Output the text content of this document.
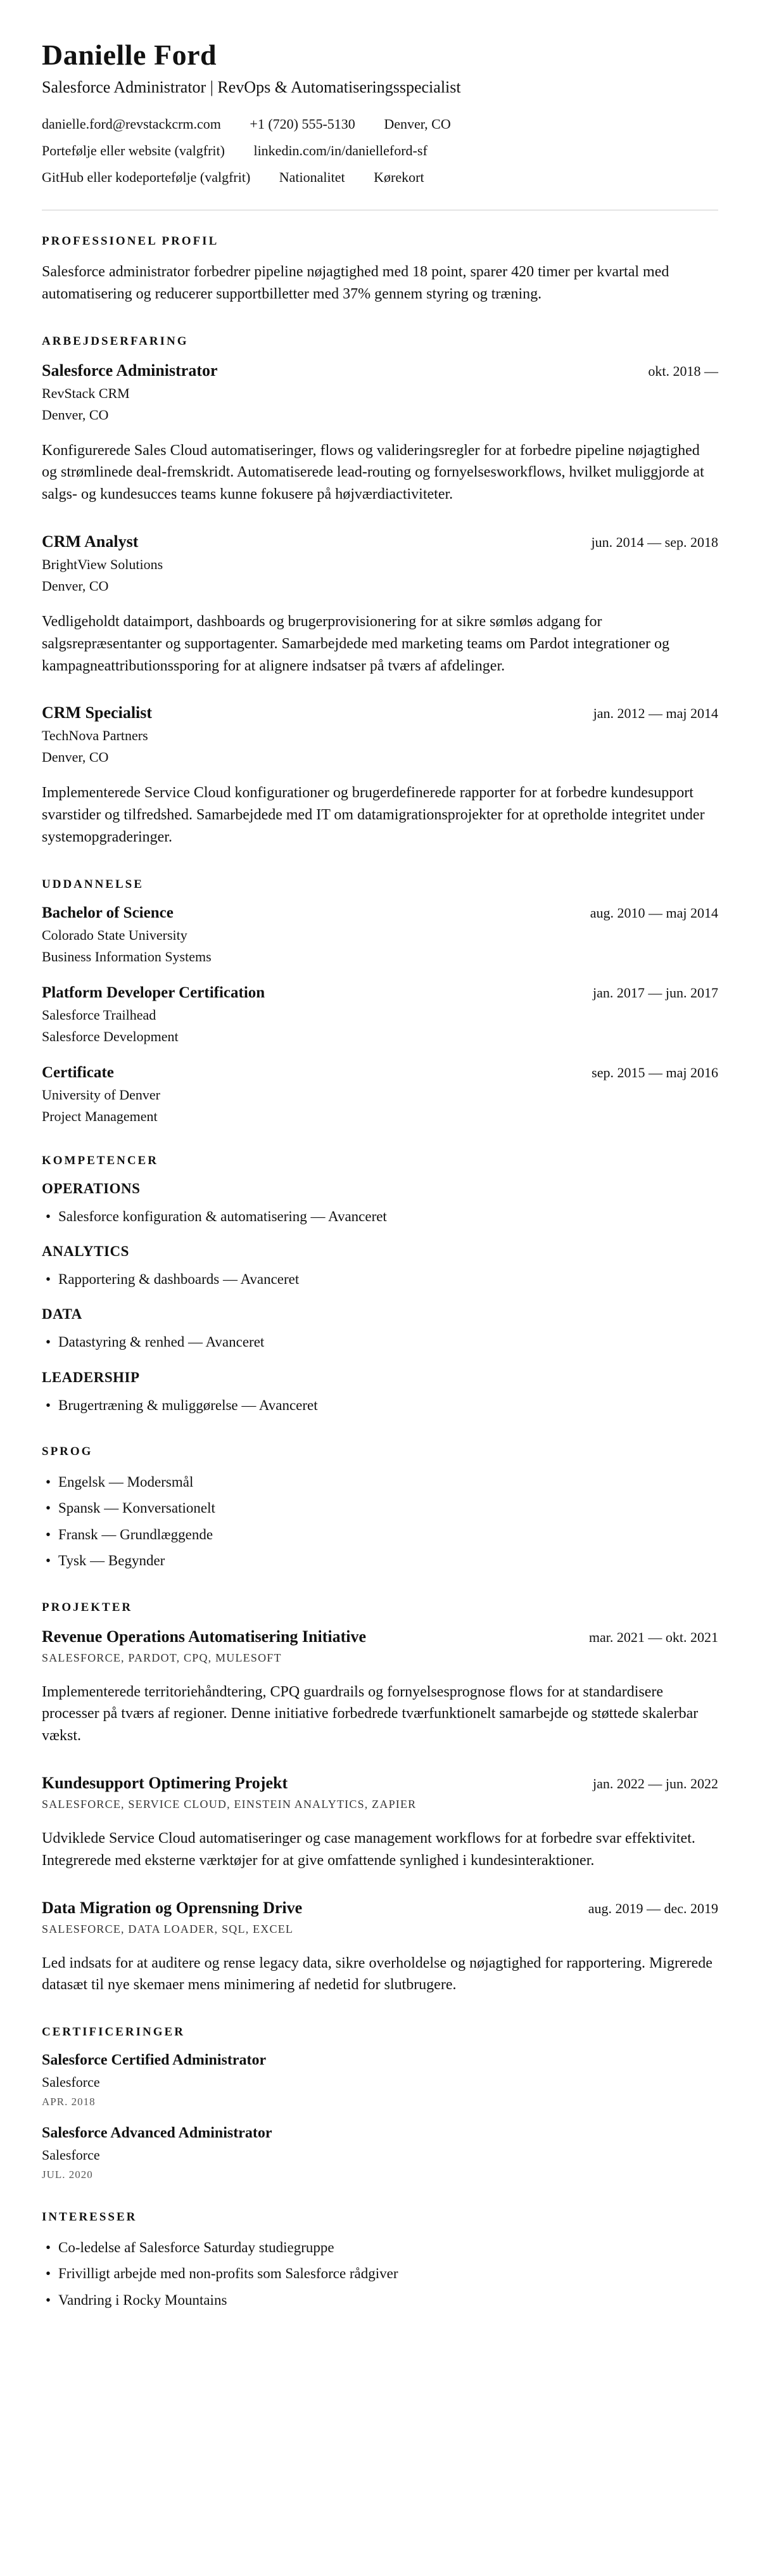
Danielle Ford
Salesforce Administrator | RevOps & Automatiseringsspecialist
danielle.ford@revstackcrm.com +1 (720) 555-5130 Denver, CO
Portefølje eller website (valgfrit) linkedin.com/in/danielleford-sf
GitHub eller kodeportefølje (valgfrit) Nationalitet Kørekort
PROFESSIONEL PROFIL

Salesforce administrator forbedrer pipeline nøjagtighed med 18 point, sparer 420 timer per kvartal med automatisering og reducerer supportbilletter med 37% gennem styring og træning.

ARBEJDSERFARING
Salesforce Administrator	okt. 2018 —
RevStack CRM
Denver, CO

Konfigurerede Sales Cloud automatiseringer, flows og valideringsregler for at forbedre pipeline nøjagtighed og strømlinede deal-fremskridt. Automatiserede lead-routing og fornyelsesworkflows, hvilket muliggjorde at salgs- og kundesucces teams kunne fokusere på højværdiactiviteter.

CRM Analyst	jun. 2014 — sep. 2018
BrightView Solutions
Denver, CO

Vedligeholdt dataimport, dashboards og brugerprovisionering for at sikre sømløs adgang for salgsrepræsentanter og supportagenter. Samarbejdede med marketing teams om Pardot integrationer og kampagneattributionssporing for at alignere indsatser på tværs af afdelinger.

CRM Specialist	jan. 2012 — maj 2014
TechNova Partners
Denver, CO

Implementerede Service Cloud konfigurationer og brugerdefinerede rapporter for at forbedre kundesupport svarstider og tilfredshed. Samarbejdede med IT om datamigrationsprojekter for at opretholde integritet under systemopgraderinger.

UDDANNELSE
Bachelor of Science	aug. 2010 — maj 2014
Colorado State University
Business Information Systems
Platform Developer Certification	jan. 2017 — jun. 2017
Salesforce Trailhead
Salesforce Development
Certificate	sep. 2015 — maj 2016
University of Denver
Project Management
KOMPETENCER
OPERATIONS
• Salesforce konfiguration & automatisering — Avanceret
ANALYTICS
• Rapportering & dashboards — Avanceret
DATA
• Datastyring & renhed — Avanceret
LEADERSHIP
• Brugertræning & muliggørelse — Avanceret
SPROG
• Engelsk — Modersmål
• Spansk — Konversationelt
• Fransk — Grundlæggende
• Tysk — Begynder
PROJEKTER
Revenue Operations Automatisering Initiative	mar. 2021 — okt. 2021
SALESFORCE, PARDOT, CPQ, MULESOFT

Implementerede territoriehåndtering, CPQ guardrails og fornyelsesprognose flows for at standardisere processer på tværs af regioner. Denne initiative forbedrede tværfunktionelt samarbejde og støttede skalerbar vækst.

Kundesupport Optimering Projekt	jan. 2022 — jun. 2022
SALESFORCE, SERVICE CLOUD, EINSTEIN ANALYTICS, ZAPIER

Udviklede Service Cloud automatiseringer og case management workflows for at forbedre svar effektivitet. Integrerede med eksterne værktøjer for at give omfattende synlighed i kundesinteraktioner.

Data Migration og Oprensning Drive	aug. 2019 — dec. 2019
SALESFORCE, DATA LOADER, SQL, EXCEL

Led indsats for at auditere og rense legacy data, sikre overholdelse og nøjagtighed for rapportering. Migrerede datasæt til nye skemaer mens minimering af nedetid for slutbrugere.

CERTIFICERINGER
Salesforce Certified Administrator
Salesforce
APR. 2018
Salesforce Advanced Administrator
Salesforce
JUL. 2020
INTERESSER
• Co-ledelse af Salesforce Saturday studiegruppe
• Frivilligt arbejde med non-profits som Salesforce rådgiver
• Vandring i Rocky Mountains
